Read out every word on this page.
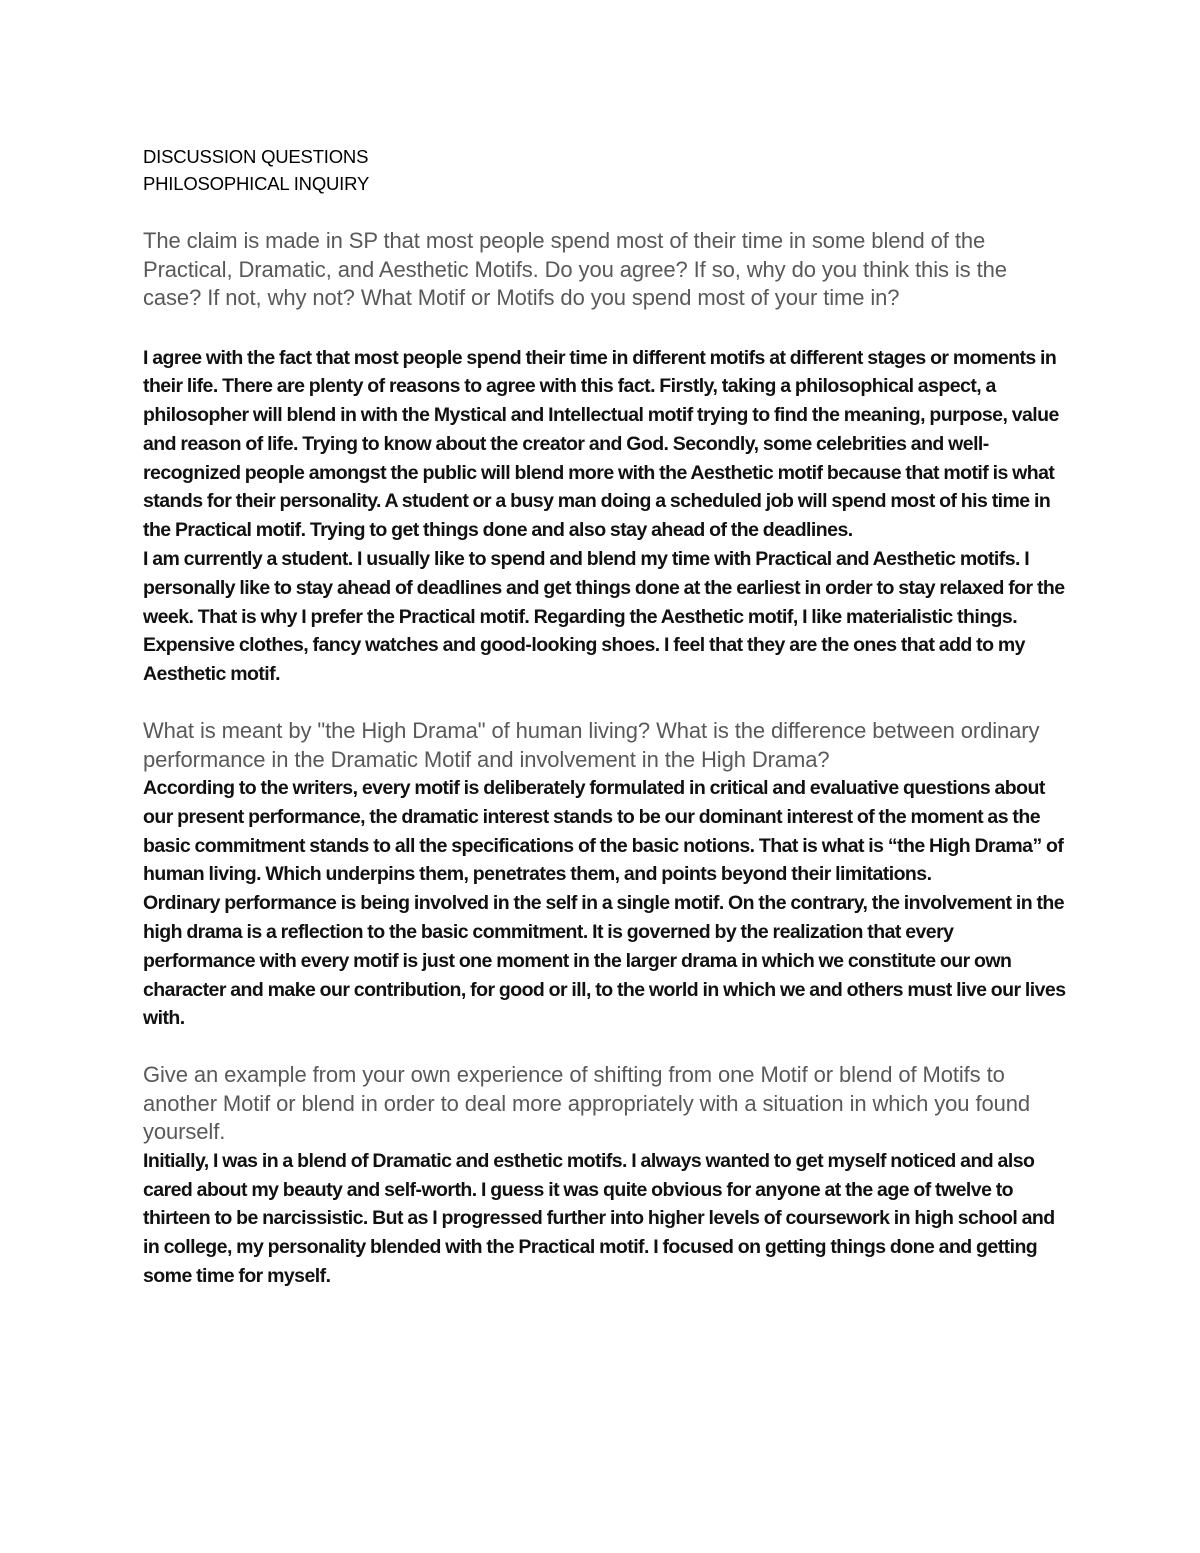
DISCUSSION QUESTIONS

PHILOSOPHICAL INQUIRY

The claim is made in SP that most people spend most of their time in some blend of the Practical, Dramatic, and Aesthetic Motifs. Do you agree? If so, why do you think this is the case? If not, why not? What Motif or Motifs do you spend most of your time in?

I agree with the fact that most people spend their time in different motifs at different stages or moments in their life. There are plenty of reasons to agree with this fact. Firstly, taking a philosophical aspect, a philosopher will blend in with the Mystical and Intellectual motif trying to find the meaning, purpose, value and reason of life. Trying to know about the creator and God. Secondly, some celebrities and well-recognized people amongst the public will blend more with the Aesthetic motif because that motif is what stands for their personality. A student or a busy man doing a scheduled job will spend most of his time in the Practical motif. Trying to get things done and also stay ahead of the deadlines.

I am currently a student. I usually like to spend and blend my time with Practical and Aesthetic motifs. I personally like to stay ahead of deadlines and get things done at the earliest in order to stay relaxed for the week. That is why I prefer the Practical motif. Regarding the Aesthetic motif, I like materialistic things. Expensive clothes, fancy watches and good-looking shoes. I feel that they are the ones that add to my Aesthetic motif.

What is meant by "the High Drama" of human living? What is the difference between ordinary performance in the Dramatic Motif and involvement in the High Drama?

According to the writers, every motif is deliberately formulated in critical and evaluative questions about our present performance, the dramatic interest stands to be our dominant interest of the moment as the basic commitment stands to all the specifications of the basic notions. That is what is “the High Drama” of human living. Which underpins them, penetrates them, and points beyond their limitations.

Ordinary performance is being involved in the self in a single motif. On the contrary, the involvement in the high drama is a reflection to the basic commitment. It is governed by the realization that every performance with every motif is just one moment in the larger drama in which we constitute our own character and make our contribution, for good or ill, to the world in which we and others must live our lives with.

Give an example from your own experience of shifting from one Motif or blend of Motifs to another Motif or blend in order to deal more appropriately with a situation in which you found yourself.

Initially, I was in a blend of Dramatic and esthetic motifs. I always wanted to get myself noticed and also cared about my beauty and self-worth. I guess it was quite obvious for anyone at the age of twelve to thirteen to be narcissistic. But as I progressed further into higher levels of coursework in high school and in college, my personality blended with the Practical motif. I focused on getting things done and getting some time for myself.
